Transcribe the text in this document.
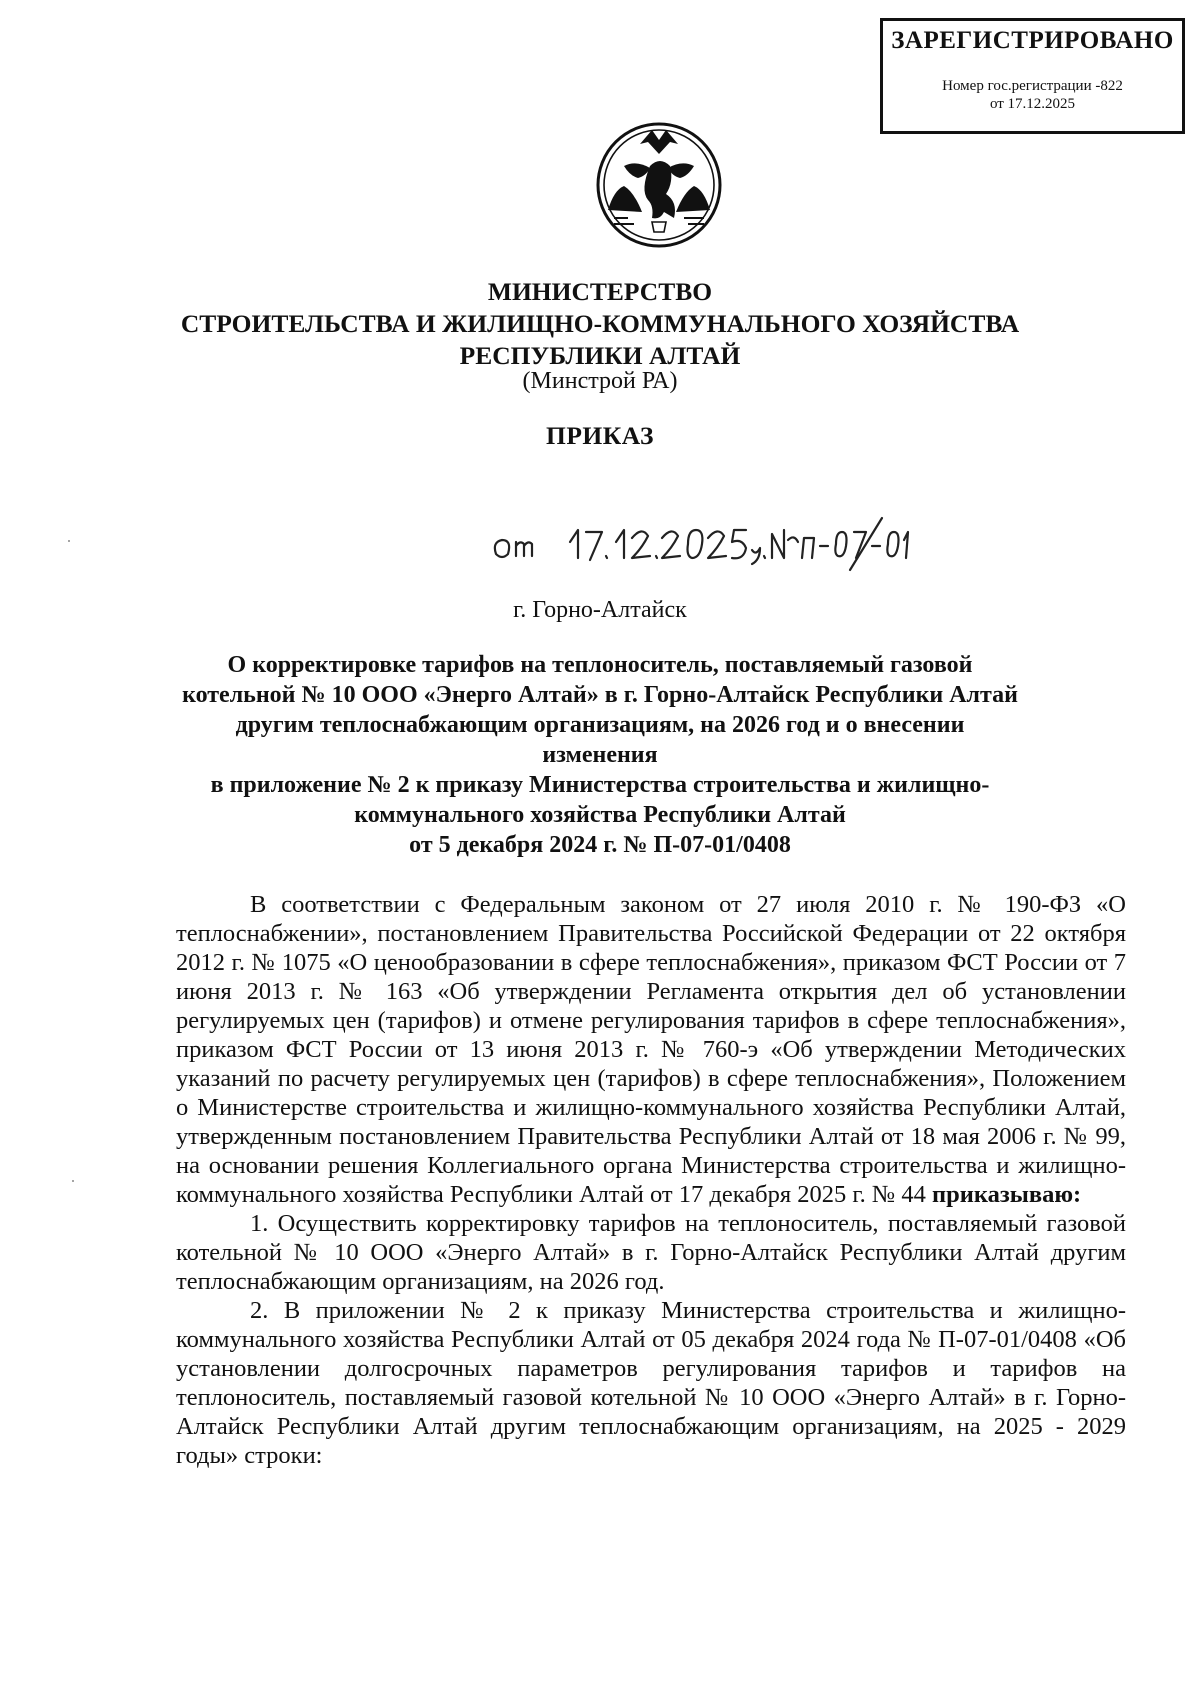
ЗАРЕГИСТРИРОВАНО
Номер гос.регистрации -822
от 17.12.2025
МИНИСТЕРСТВО
СТРОИТЕЛЬСТВА И ЖИЛИЩНО-КОММУНАЛЬНОГО ХОЗЯЙСТВА
РЕСПУБЛИКИ АЛТАЙ
(Минстрой РА)
ПРИКАЗ
г. Горно-Алтайск
О корректировке тарифов на теплоноситель, поставляемый газовой
котельной № 10 ООО «Энерго Алтай» в г. Горно-Алтайск Республики Алтай
другим теплоснабжающим организациям, на 2026 год и о внесении изменения
в приложение № 2 к приказу Министерства строительства и жилищно-
коммунального хозяйства Республики Алтай
от 5 декабря 2024 г. № П-07-01/0408

В соответствии с Федеральным законом от 27 июля 2010 г. № 190-ФЗ «О теплоснабжении», постановлением Правительства Российской Федерации от 22 октября 2012 г. № 1075 «О ценообразовании в сфере теплоснабжения», приказом ФСТ России от 7 июня 2013 г. № 163 «Об утверждении Регламента открытия дел об установлении регулируемых цен (тарифов) и отмене регулирования тарифов в сфере теплоснабжения», приказом ФСТ России от 13 июня 2013 г. № 760-э «Об утверждении Методических указаний по расчету регулируемых цен (тарифов) в сфере теплоснабжения», Положением о Министерстве строительства и жилищно-коммунального хозяйства Республики Алтай, утвержденным постановлением Правительства Республики Алтай от 18 мая 2006 г. № 99, на основании решения Коллегиального органа Министерства строительства и жилищно-коммунального хозяйства Республики Алтай от 17 декабря 2025 г. № 44 приказываю:

1. Осуществить корректировку тарифов на теплоноситель, поставляемый газовой котельной № 10 ООО «Энерго Алтай» в г. Горно-Алтайск Республики Алтай другим теплоснабжающим организациям, на 2026 год.

2. В приложении № 2 к приказу Министерства строительства и жилищно-коммунального хозяйства Республики Алтай от 05 декабря 2024 года № П-07-01/0408 «Об установлении долгосрочных параметров регулирования тарифов и тарифов на теплоноситель, поставляемый газовой котельной № 10 ООО «Энерго Алтай» в г. Горно-Алтайск Республики Алтай другим теплоснабжающим организациям, на 2025 - 2029 годы» строки:
